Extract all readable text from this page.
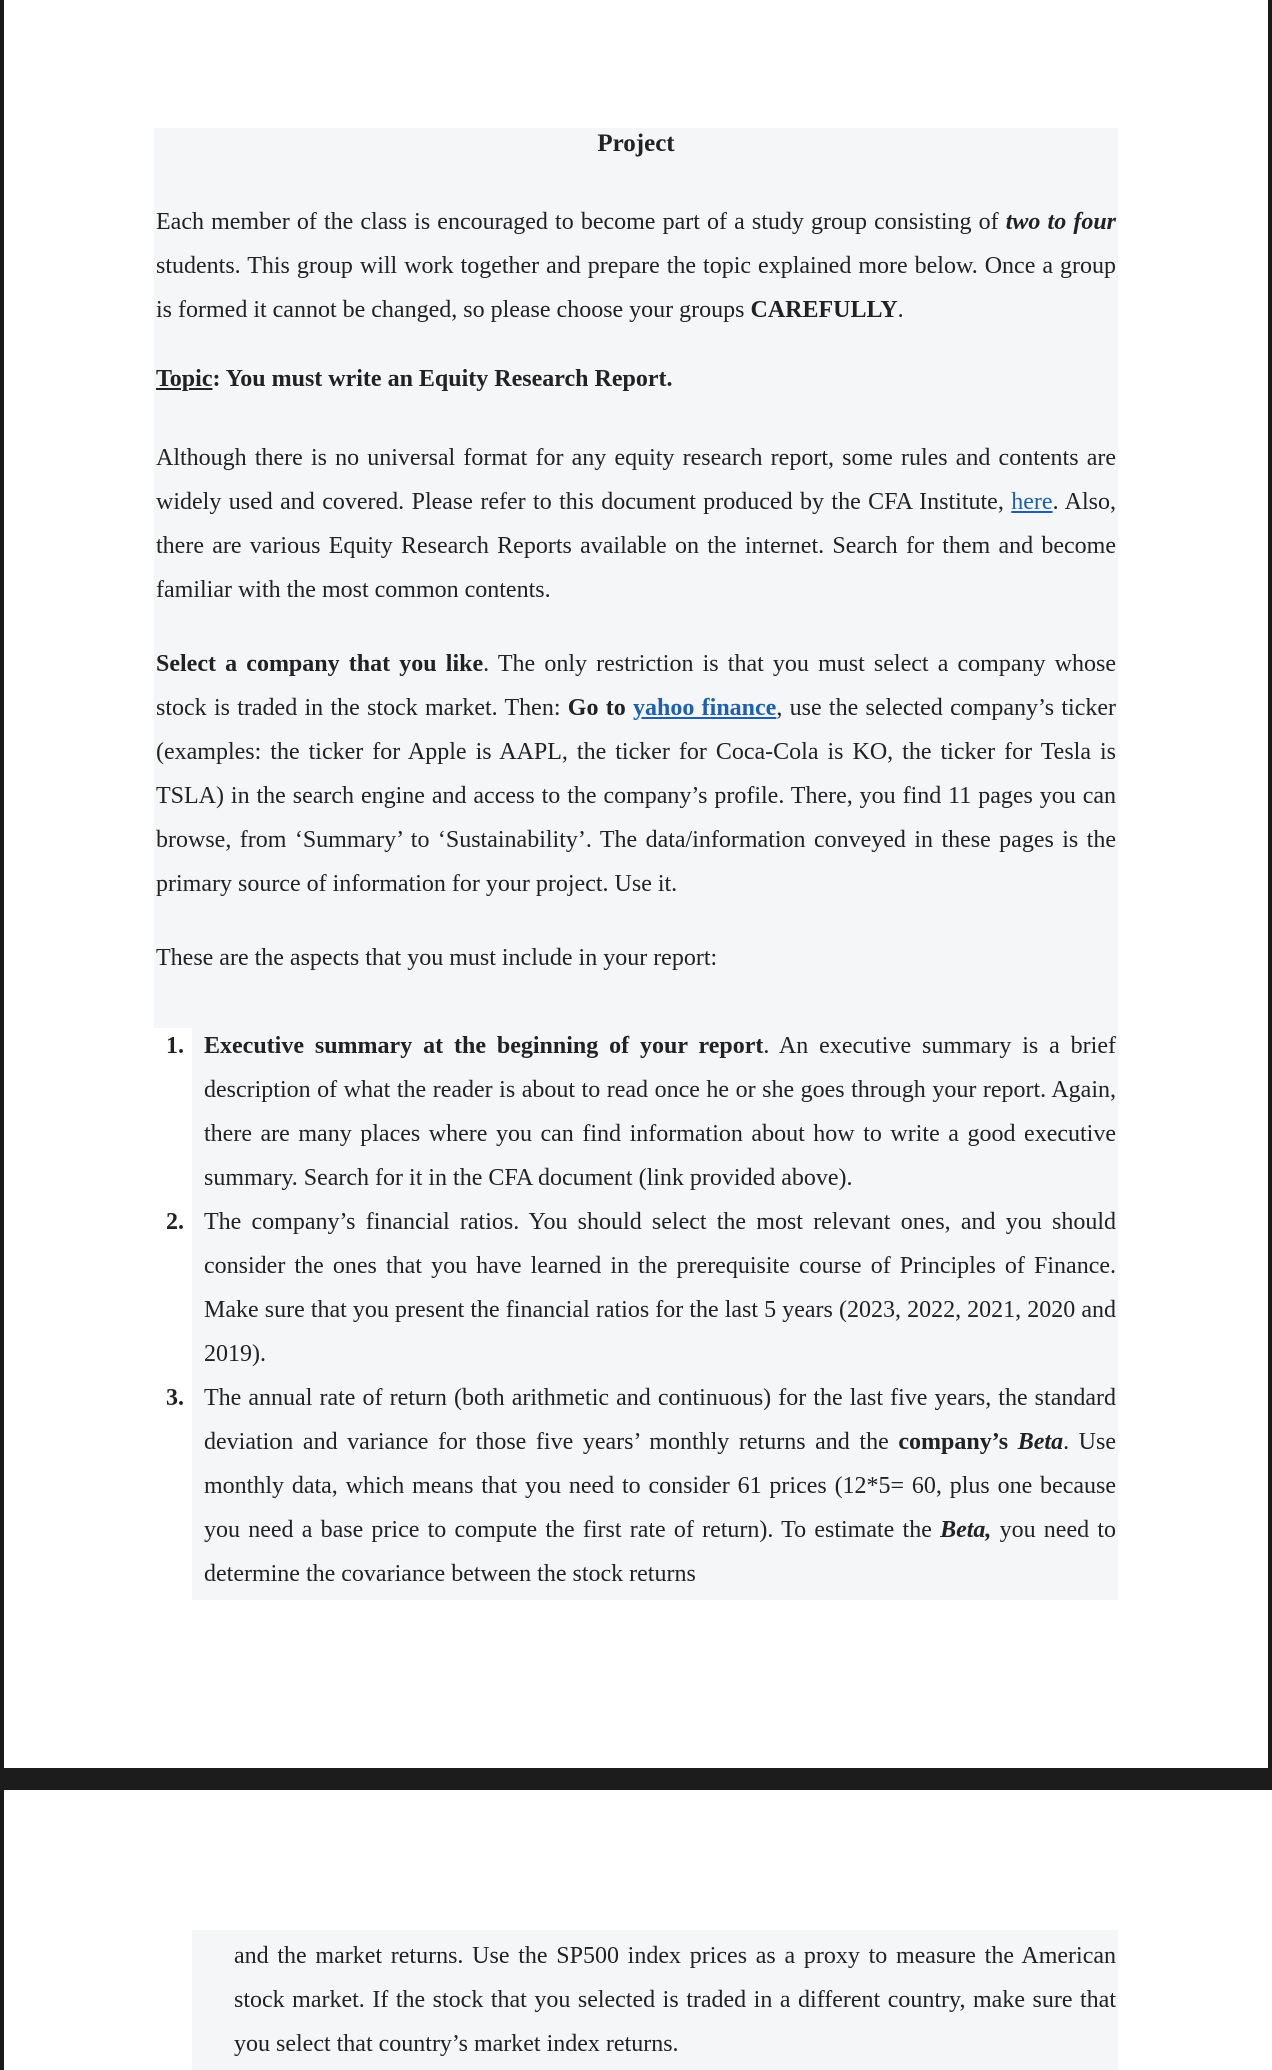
Project
Each member of the class is encouraged to become part of a study group consisting of two to four students. This group will work together and prepare the topic explained more below. Once a group is formed it cannot be changed, so please choose your groups CAREFULLY.
Topic: You must write an Equity Research Report.
Although there is no universal format for any equity research report, some rules and contents are widely used and covered. Please refer to this document produced by the CFA Institute, here. Also, there are various Equity Research Reports available on the internet. Search for them and become familiar with the most common contents.
Select a company that you like. The only restriction is that you must select a company whose stock is traded in the stock market. Then: Go to yahoo finance, use the selected company’s ticker (examples: the ticker for Apple is AAPL, the ticker for Coca-Cola is KO, the ticker for Tesla is TSLA) in the search engine and access to the company’s profile. There, you find 11 pages you can browse, from ‘Summary’ to ‘Sustainability’. The data/information conveyed in these pages is the primary source of information for your project. Use it.
These are the aspects that you must include in your report:
1. Executive summary at the beginning of your report. An executive summary is a brief description of what the reader is about to read once he or she goes through your report. Again, there are many places where you can find information about how to write a good executive summary. Search for it in the CFA document (link provided above).
2. The company’s financial ratios. You should select the most relevant ones, and you should consider the ones that you have learned in the prerequisite course of Principles of Finance. Make sure that you present the financial ratios for the last 5 years (2023, 2022, 2021, 2020 and 2019).
3. The annual rate of return (both arithmetic and continuous) for the last five years, the standard deviation and variance for those five years’ monthly returns and the company’s Beta. Use monthly data, which means that you need to consider 61 prices (12*5= 60, plus one because you need a base price to compute the first rate of return). To estimate the Beta, you need to determine the covariance between the stock returns
and the market returns. Use the SP500 index prices as a proxy to measure the American stock market. If the stock that you selected is traded in a different country, make sure that you select that country’s market index returns.
